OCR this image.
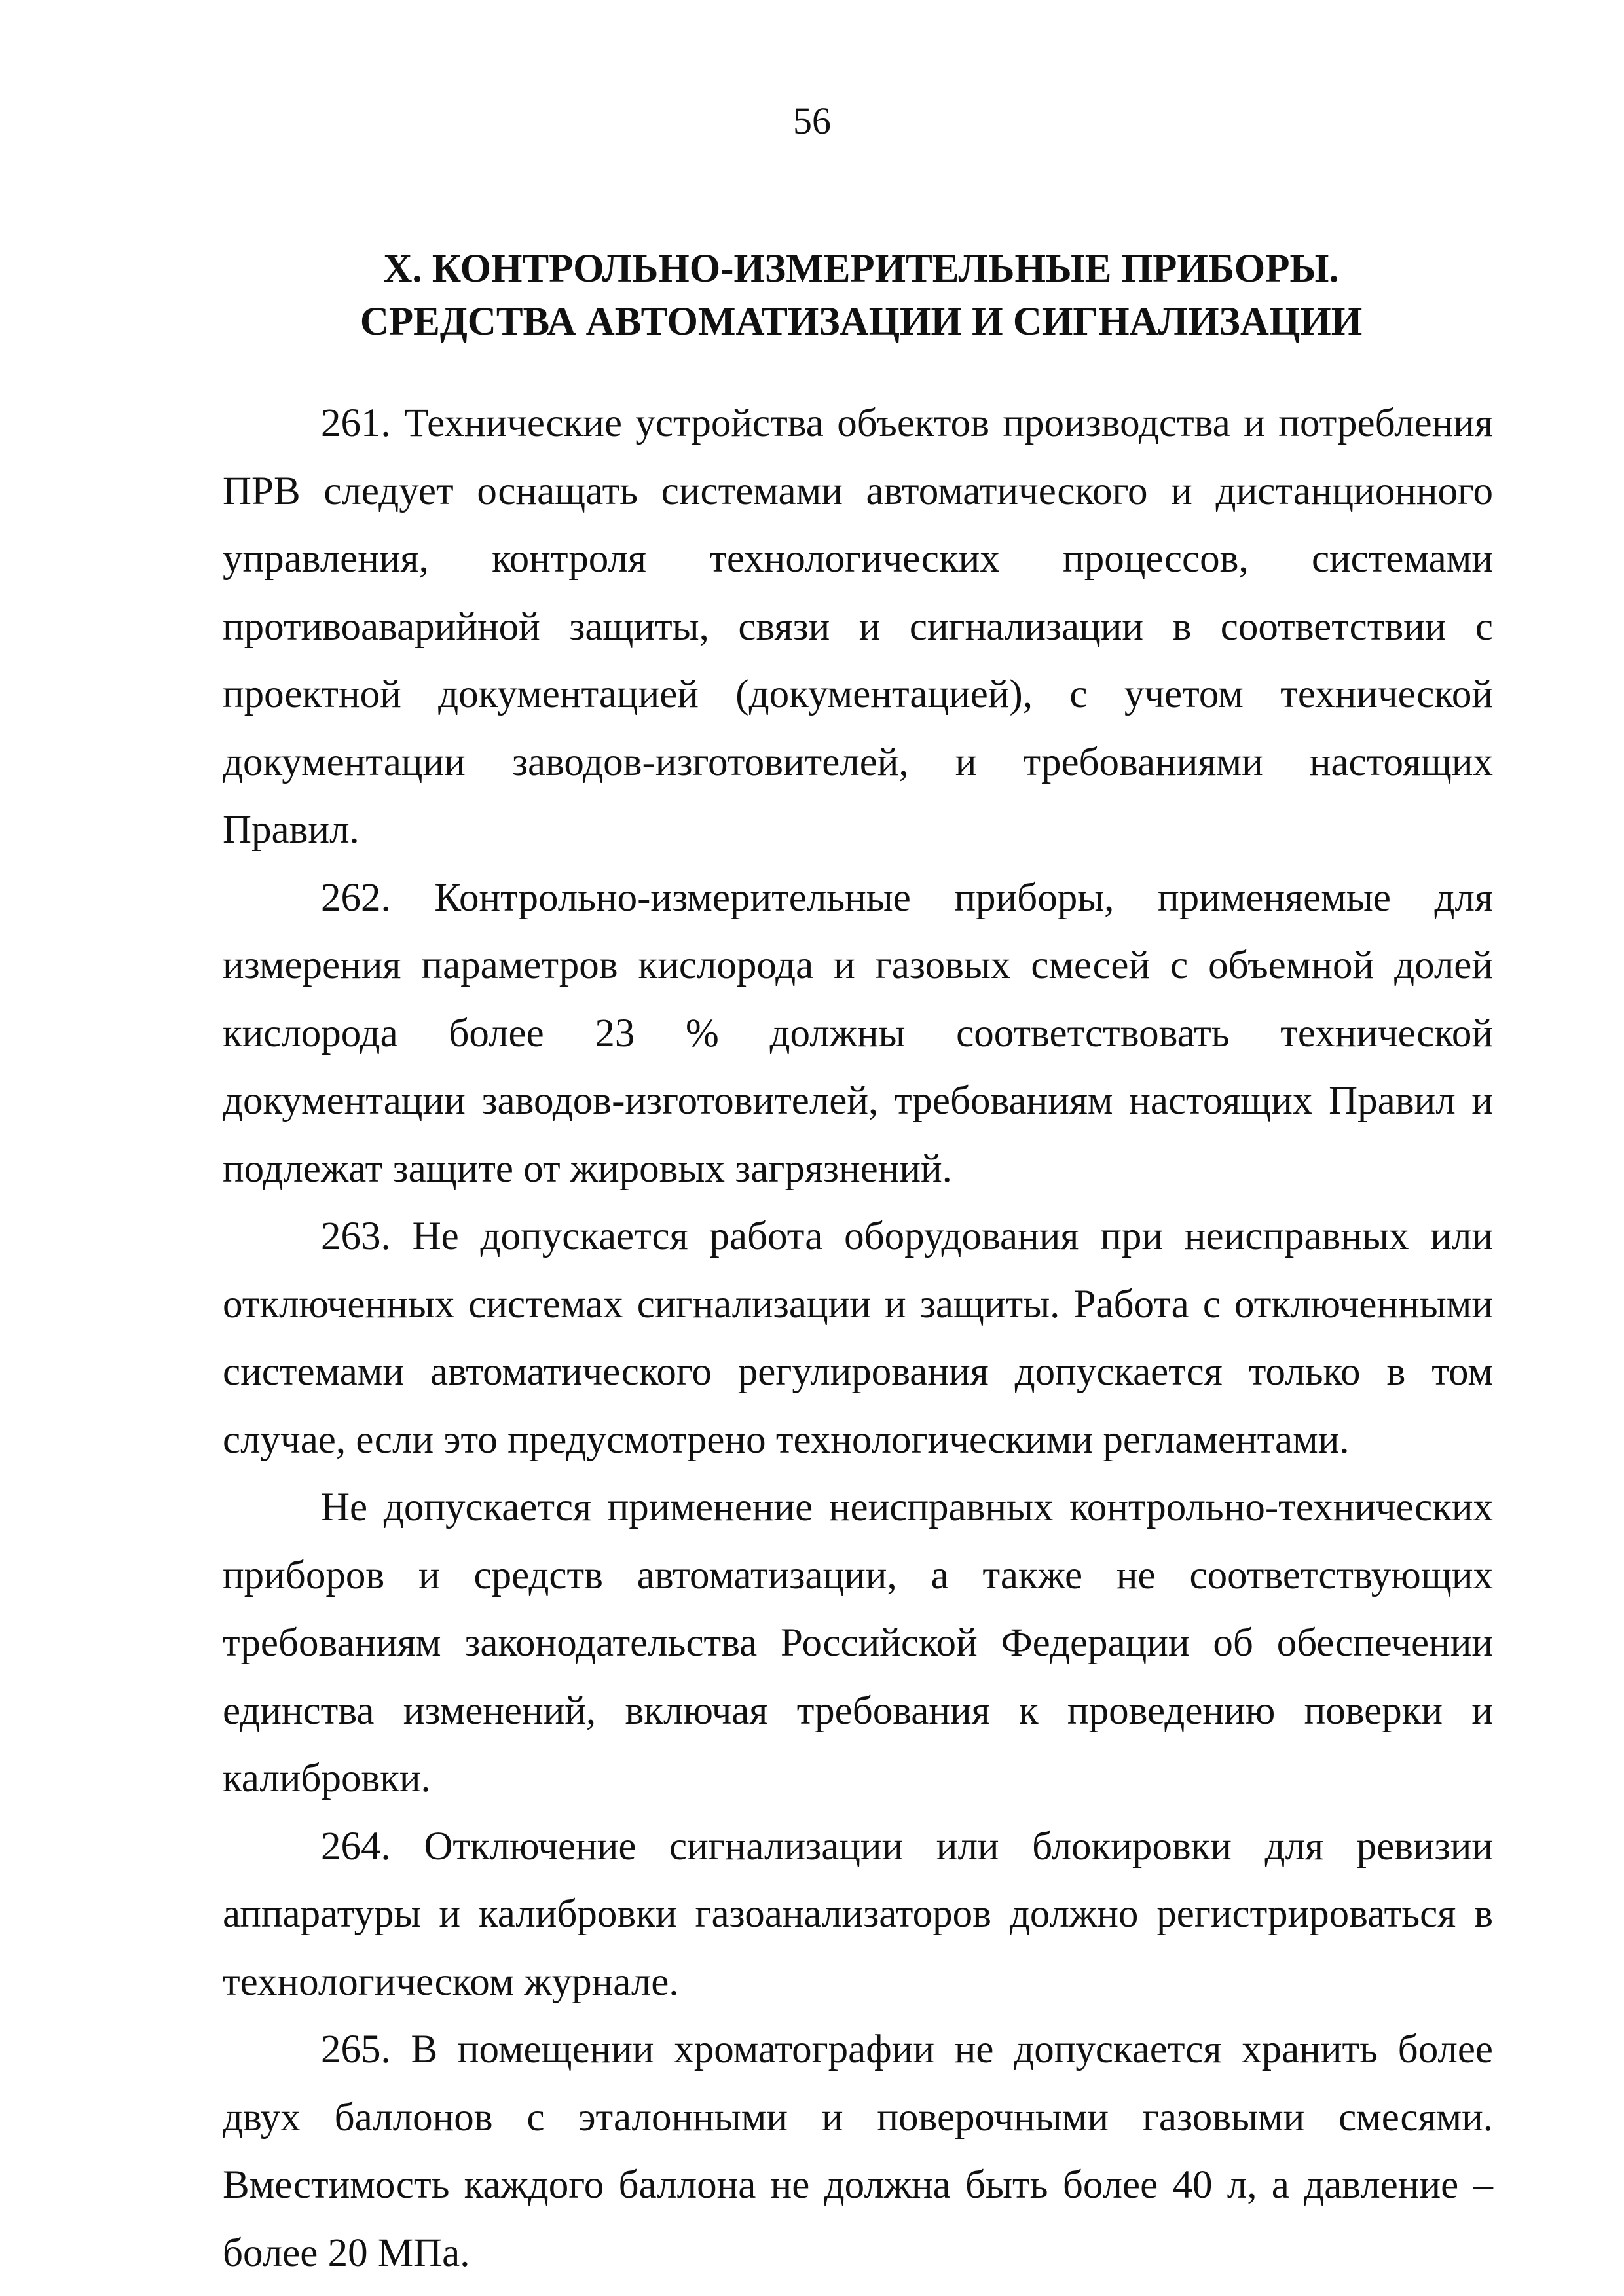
56
X. КОНТРОЛЬНО-ИЗМЕРИТЕЛЬНЫЕ ПРИБОРЫ.
СРЕДСТВА АВТОМАТИЗАЦИИ И СИГНАЛИЗАЦИИ

261. Технические устройства объектов производства и потребления ПРВ следует оснащать системами автоматического и дистанционного управления, контроля технологических процессов, системами противоаварийной защиты, связи и сигнализации в соответствии с проектной документацией (документацией), с учетом технической документации заводов-изготовителей, и требованиями настоящих Правил.

262. Контрольно-измерительные приборы, применяемые для измерения параметров кислорода и газовых смесей с объемной долей кислорода более 23 % должны соответствовать технической документации заводов-изготовителей, требованиям настоящих Правил и подлежат защите от жировых загрязнений.

263. Не допускается работа оборудования при неисправных или отключенных системах сигнализации и защиты. Работа с отключенными системами автоматического регулирования допускается только в том случае, если это предусмотрено технологическими регламентами.

Не допускается применение неисправных контрольно-технических приборов и средств автоматизации, а также не соответствующих требованиям законодательства Российской Федерации об обеспечении единства изменений, включая требования к проведению поверки и калибровки.

264. Отключение сигнализации или блокировки для ревизии аппаратуры и калибровки газоанализаторов должно регистрироваться в технологическом журнале.

265. В помещении хроматографии не допускается хранить более двух баллонов с эталонными и поверочными газовыми смесями. Вместимость каждого баллона не должна быть более 40 л, а давление – более 20 МПа.
